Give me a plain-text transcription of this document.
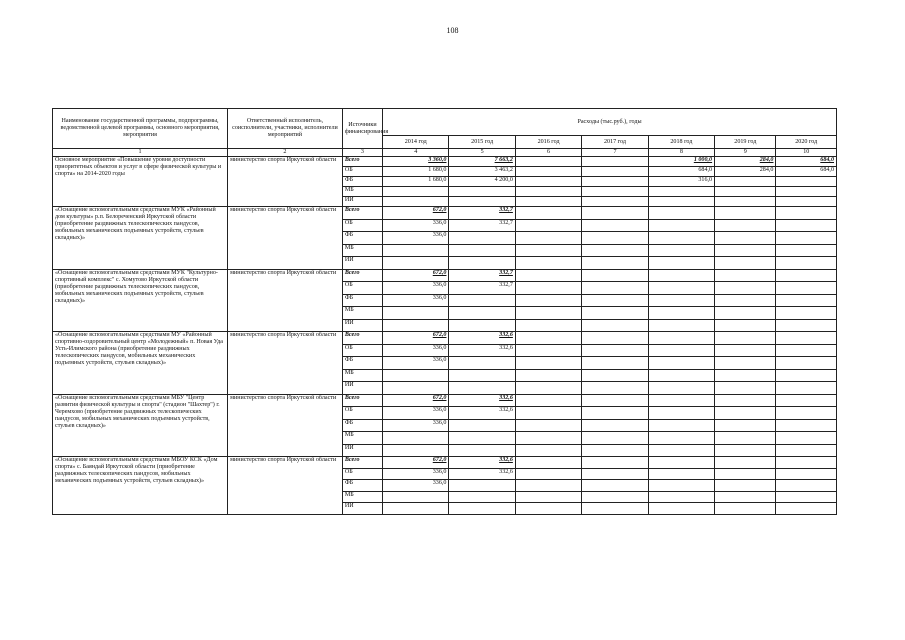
108
Наименование государственной программы, подпрограммы, ведомственной целевой программы, основного мероприятия, мероприятия	Ответственный исполнитель, соисполнители, участники, исполнители мероприятий	Источники финансирования	Расходы (тыс.руб.), годы						
			2014 год	2015 год	2016 год	2017 год	2018 год	2019 год	2020 год
1	2	3	4	5	6	7	8	9	10
Основное мероприятие «Повышение уровня доступности приоритетных объектов и услуг в сфере физической культуры и спорта» на 2014-2020 годы	министерство спорта Иркутской области	Всего	3 360,0	7 663,2			1 000,0	284,0	684,0
		ОБ	1 680,0	3 463,2			684,0	284,0	684,0
		ФБ	1 680,0	4 200,0			316,0		
		МБ							
		ИИ							
«Оснащение вспомогательными средствами МУК «Районный дом культуры» р.п. Белореченский Иркутской области (приобретение раздвижных телескопических пандусов, мобильных механических подъемных устройств, стульев складных)»	министерство спорта Иркутской области	Всего	672,0	332,7					
		ОБ	336,0	332,7					
		ФБ	336,0						
		МБ							
		ИИ							
«Оснащение вспомогательными средствами МУК "Культурно-спортивный комплекс" с. Хомутово Иркутской области (приобретение раздвижных телескопических пандусов, мобильных механических подъемных устройств, стульев складных)»	министерство спорта Иркутской области	Всего	672,0	332,7					
		ОБ	336,0	332,7					
		ФБ	336,0						
		МБ							
		ИИ							
«Оснащение вспомогательными средствами МУ «Районный спортивно-оздоровительный центр «Молодежный» п. Новая Уда Усть-Илимского района (приобретение раздвижных телескопических пандусов, мобильных механических подъемных устройств, стульев складных)»	министерство спорта Иркутской области	Всего	672,0	332,6					
		ОБ	336,0	332,6					
		ФБ	336,0						
		МБ							
		ИИ							
«Оснащение вспомогательными средствами МБУ "Центр развития физической культуры и спорта" (стадион "Шахтер") г. Черемхово (приобретение раздвижных телескопических пандусов, мобильных механических подъемных устройств, стульев складных)»	министерство спорта Иркутской области	Всего	672,0	332,6					
		ОБ	336,0	332,6					
		ФБ	336,0						
		МБ							
		ИИ							
«Оснащение вспомогательными средствами МБОУ КСК «Дом спорта» с. Баяндай Иркутской области (приобретение раздвижных телескопических пандусов, мобильных механических подъемных устройств, стульев складных)»	министерство спорта Иркутской области	Всего	672,0	332,6					
		ОБ	336,0	332,6					
		ФБ	336,0						
		МБ							
		ИИ							
